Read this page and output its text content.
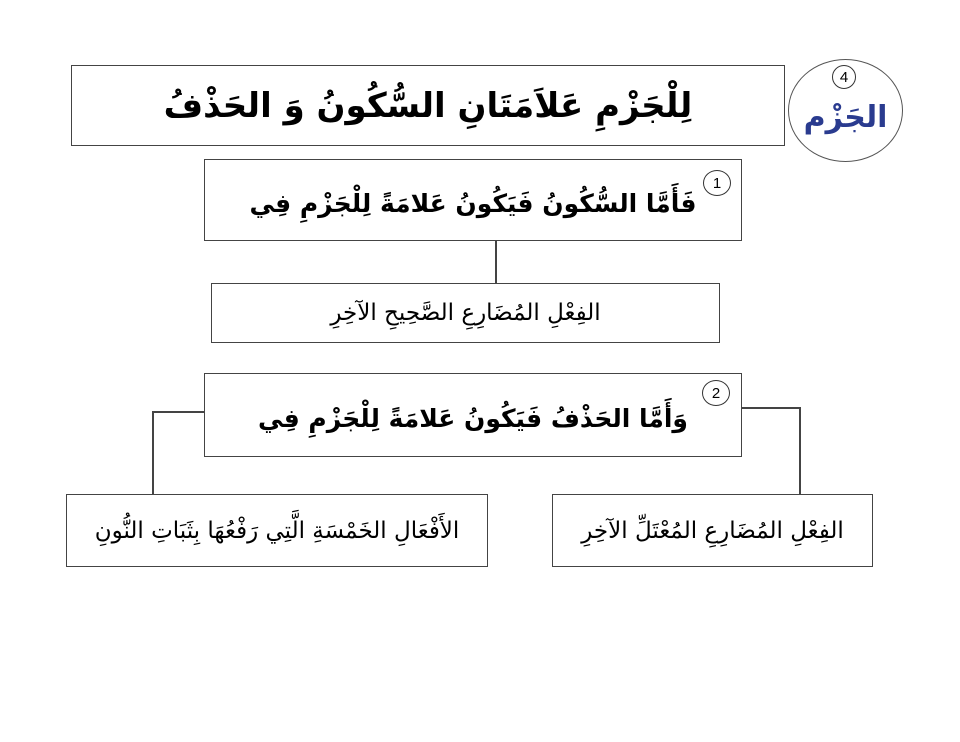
لِلْجَزْمِ عَلاَمَتَانِ السُّكُونُ وَ الحَذْفُ	الجَزْم
4
فَأَمَّا السُّكُونُ فَيَكُونُ عَلامَةً لِلْجَزْمِ فِي
1
الفِعْلِ المُضَارِعِ الصَّحِيحِ الآخِرِ
وَأَمَّا الحَذْفُ فَيَكُونُ عَلامَةً لِلْجَزْمِ فِي
2
الفِعْلِ المُضَارِعِ المُعْتَلِّ الآخِرِ
الأَفْعَالِ الخَمْسَةِ الَّتِي رَفْعُهَا بِثَبَاتِ النُّونِ
